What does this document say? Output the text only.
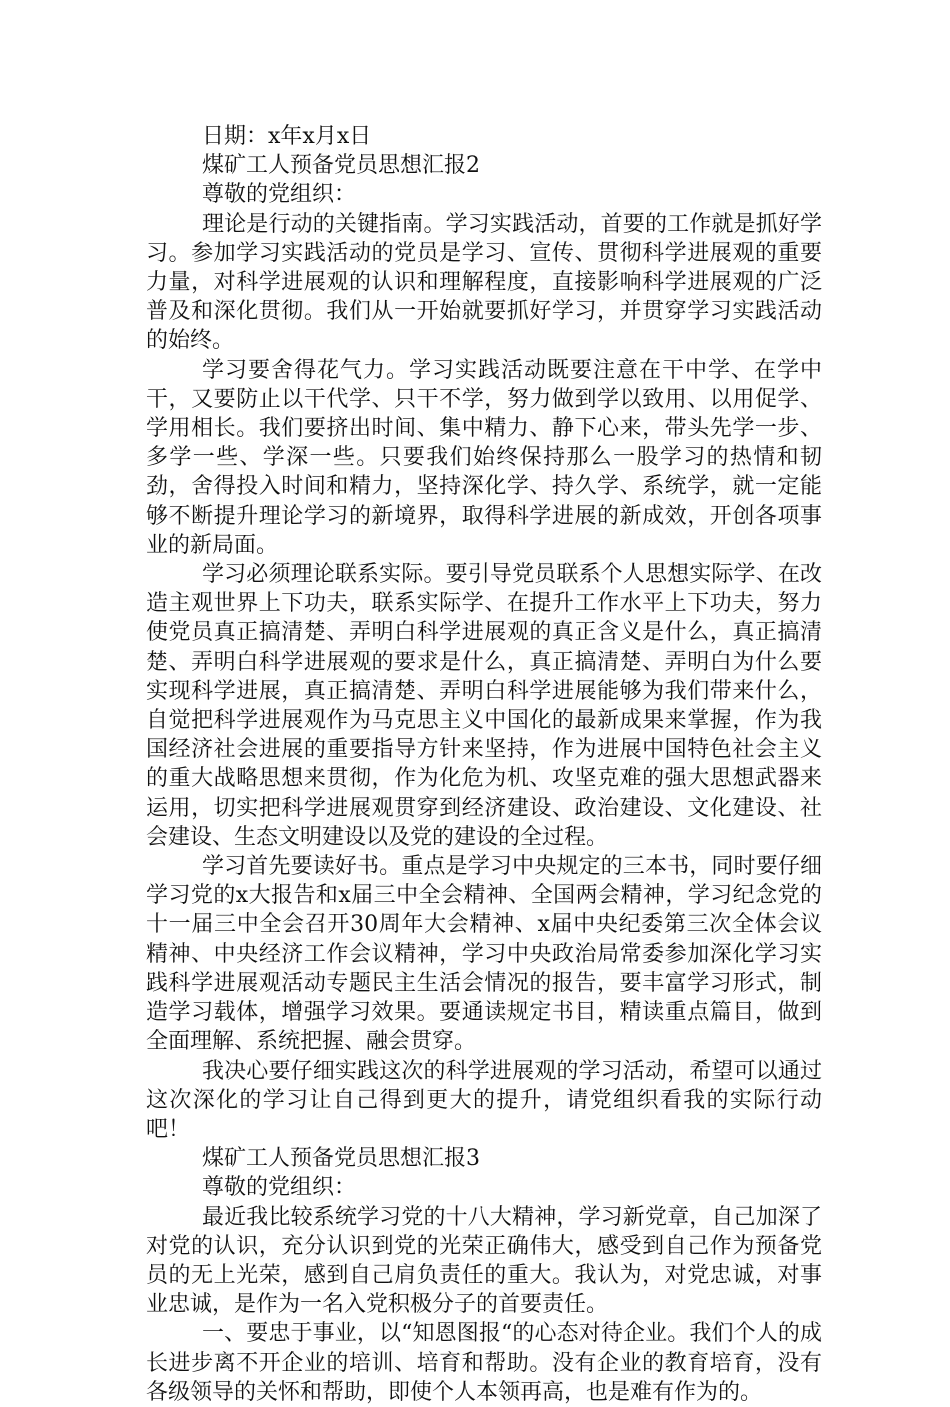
日期：x年x月x日

煤矿工人预备党员思想汇报2

尊敬的党组织：

理论是行动的关键指南。学习实践活动，首要的工作就是抓好学习。参加学习实践活动的党员是学习、宣传、贯彻科学进展观的重要力量，对科学进展观的认识和理解程度，直接影响科学进展观的广泛普及和深化贯彻。我们从一开始就要抓好学习，并贯穿学习实践活动的始终。

学习要舍得花气力。学习实践活动既要注意在干中学、在学中干，又要防止以干代学、只干不学，努力做到学以致用、以用促学、学用相长。我们要挤出时间、集中精力、静下心来，带头先学一步、多学一些、学深一些。只要我们始终保持那么一股学习的热情和韧劲，舍得投入时间和精力，坚持深化学、持久学、系统学，就一定能够不断提升理论学习的新境界，取得科学进展的新成效，开创各项事业的新局面。

学习必须理论联系实际。要引导党员联系个人思想实际学、在改造主观世界上下功夫，联系实际学、在提升工作水平上下功夫，努力使党员真正搞清楚、弄明白科学进展观的真正含义是什么，真正搞清楚、弄明白科学进展观的要求是什么，真正搞清楚、弄明白为什么要实现科学进展，真正搞清楚、弄明白科学进展能够为我们带来什么，自觉把科学进展观作为马克思主义中国化的最新成果来掌握，作为我国经济社会进展的重要指导方针来坚持，作为进展中国特色社会主义的重大战略思想来贯彻，作为化危为机、攻坚克难的强大思想武器来运用，切实把科学进展观贯穿到经济建设、政治建设、文化建设、社会建设、生态文明建设以及党的建设的全过程。

学习首先要读好书。重点是学习中央规定的三本书，同时要仔细学习党的x大报告和x届三中全会精神、全国两会精神，学习纪念党的十一届三中全会召开30周年大会精神、x届中央纪委第三次全体会议精神、中央经济工作会议精神，学习中央政治局常委参加深化学习实践科学进展观活动专题民主生活会情况的报告，要丰富学习形式，制造学习载体，增强学习效果。要通读规定书目，精读重点篇目，做到全面理解、系统把握、融会贯穿。

我决心要仔细实践这次的科学进展观的学习活动，希望可以通过这次深化的学习让自己得到更大的提升，请党组织看我的实际行动吧！

煤矿工人预备党员思想汇报3

尊敬的党组织：

最近我比较系统学习党的十八大精神，学习新党章，自己加深了对党的认识，充分认识到党的光荣正确伟大，感受到自己作为预备党员的无上光荣，感到自己肩负责任的重大。我认为，对党忠诚，对事业忠诚，是作为一名入党积极分子的首要责任。

一、要忠于事业，以“知恩图报“的心态对待企业。我们个人的成长进步离不开企业的培训、培育和帮助。没有企业的教育培育，没有各级领导的关怀和帮助，即使个人本领再高，也是难有作为的。
